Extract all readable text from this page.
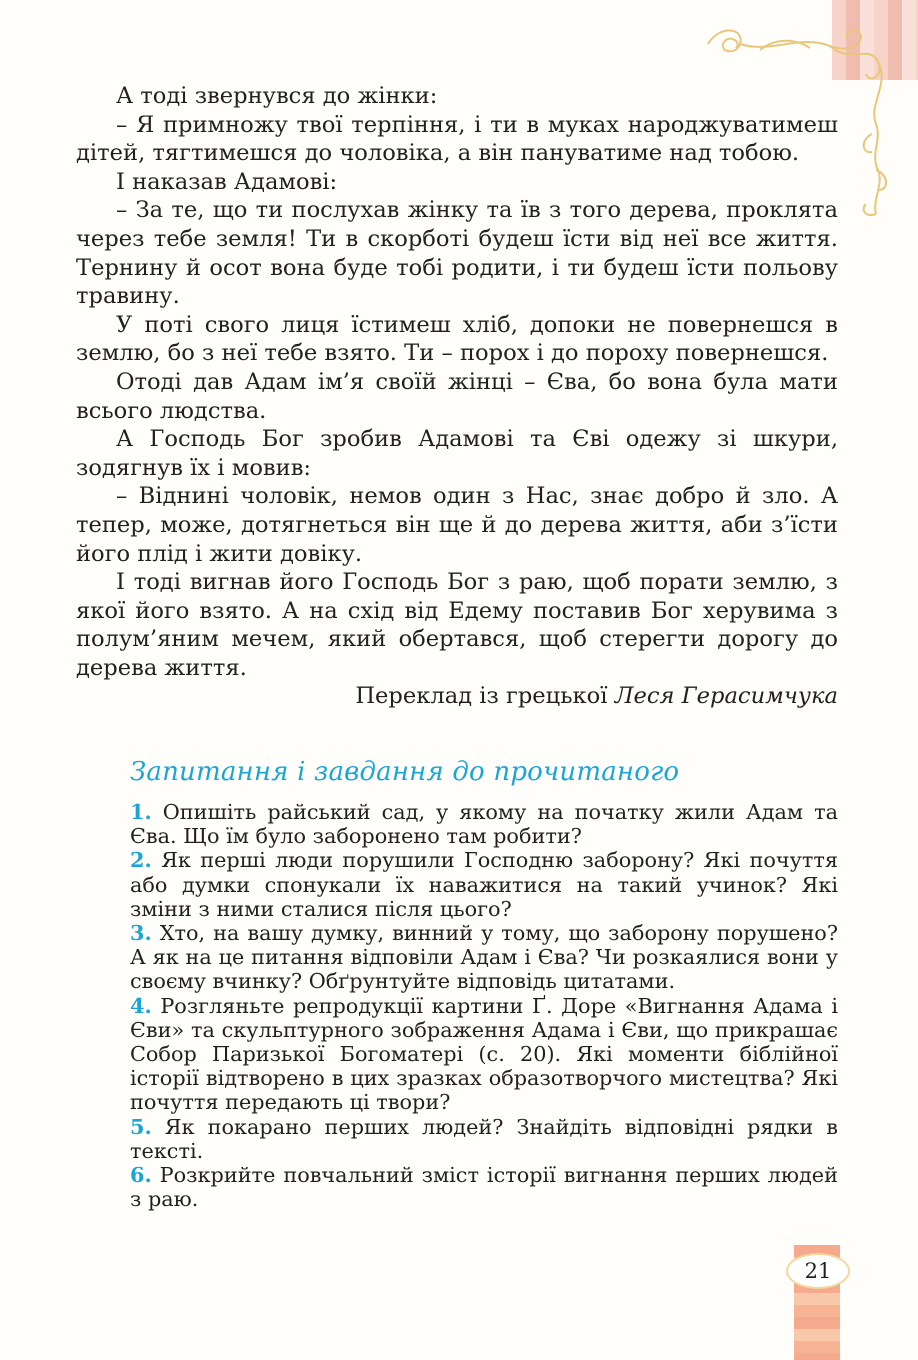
А тоді звернувся до жінки:

– Я примножу твої терпіння, і ти в муках народжуватимеш дітей, тягтимешся до чоловіка, а він пануватиме над тобою.

І наказав Адамові:

– За те, що ти послухав жінку та їв з того дерева, проклята через тебе земля! Ти в скорботі будеш їсти від неї все життя. Тернину й осот вона буде тобі родити, і ти будеш їсти польову травину.

У поті свого лиця їстимеш хліб, допоки не повернешся в землю, бо з неї тебе взято. Ти – порох і до пороху повернешся.

Отоді дав Адам ім’я своїй жінці – Єва, бо вона була мати всього людства.

А Господь Бог зробив Адамові та Єві одежу зі шкури, зодягнув їх і мовив:

– Віднині чоловік, немов один з Нас, знає добро й зло. А тепер, може, дотягнеться він ще й до дерева життя, аби з’їсти його плід і жити довіку.

І тоді вигнав його Господь Бог з раю, щоб порати землю, з якої його взято. А на схід від Едему поставив Бог херувима з полум’яним мечем, який обертався, щоб стерегти дорогу до дерева життя.

Переклад із грецької Леся Герасимчука

Запитання і завдання до прочитаного

1. Опишіть райський сад, у якому на початку жили Адам та Єва. Що їм було заборонено там робити?

2. Як перші люди порушили Господню заборону? Які почуття або думки спонукали їх наважитися на такий учинок? Які зміни з ними сталися після цього?

3. Хто, на вашу думку, винний у тому, що заборону порушено? А як на це питання відповіли Адам і Єва? Чи розкаялися вони у своєму вчинку? Обґрунтуйте відповідь цитатами.

4. Розгляньте репродукції картини Ґ. Доре «Вигнання Адама і Єви» та скульптурного зображення Адама і Єви, що прикрашає Собор Паризької Богоматері (с. 20). Які моменти біблійної історії відтворено в цих зразках образотворчого мистецтва? Які почуття передають ці твори?

5. Як покарано перших людей? Знайдіть відповідні рядки в тексті.

6. Розкрийте повчальний зміст історії вигнання перших людей з раю.

21
